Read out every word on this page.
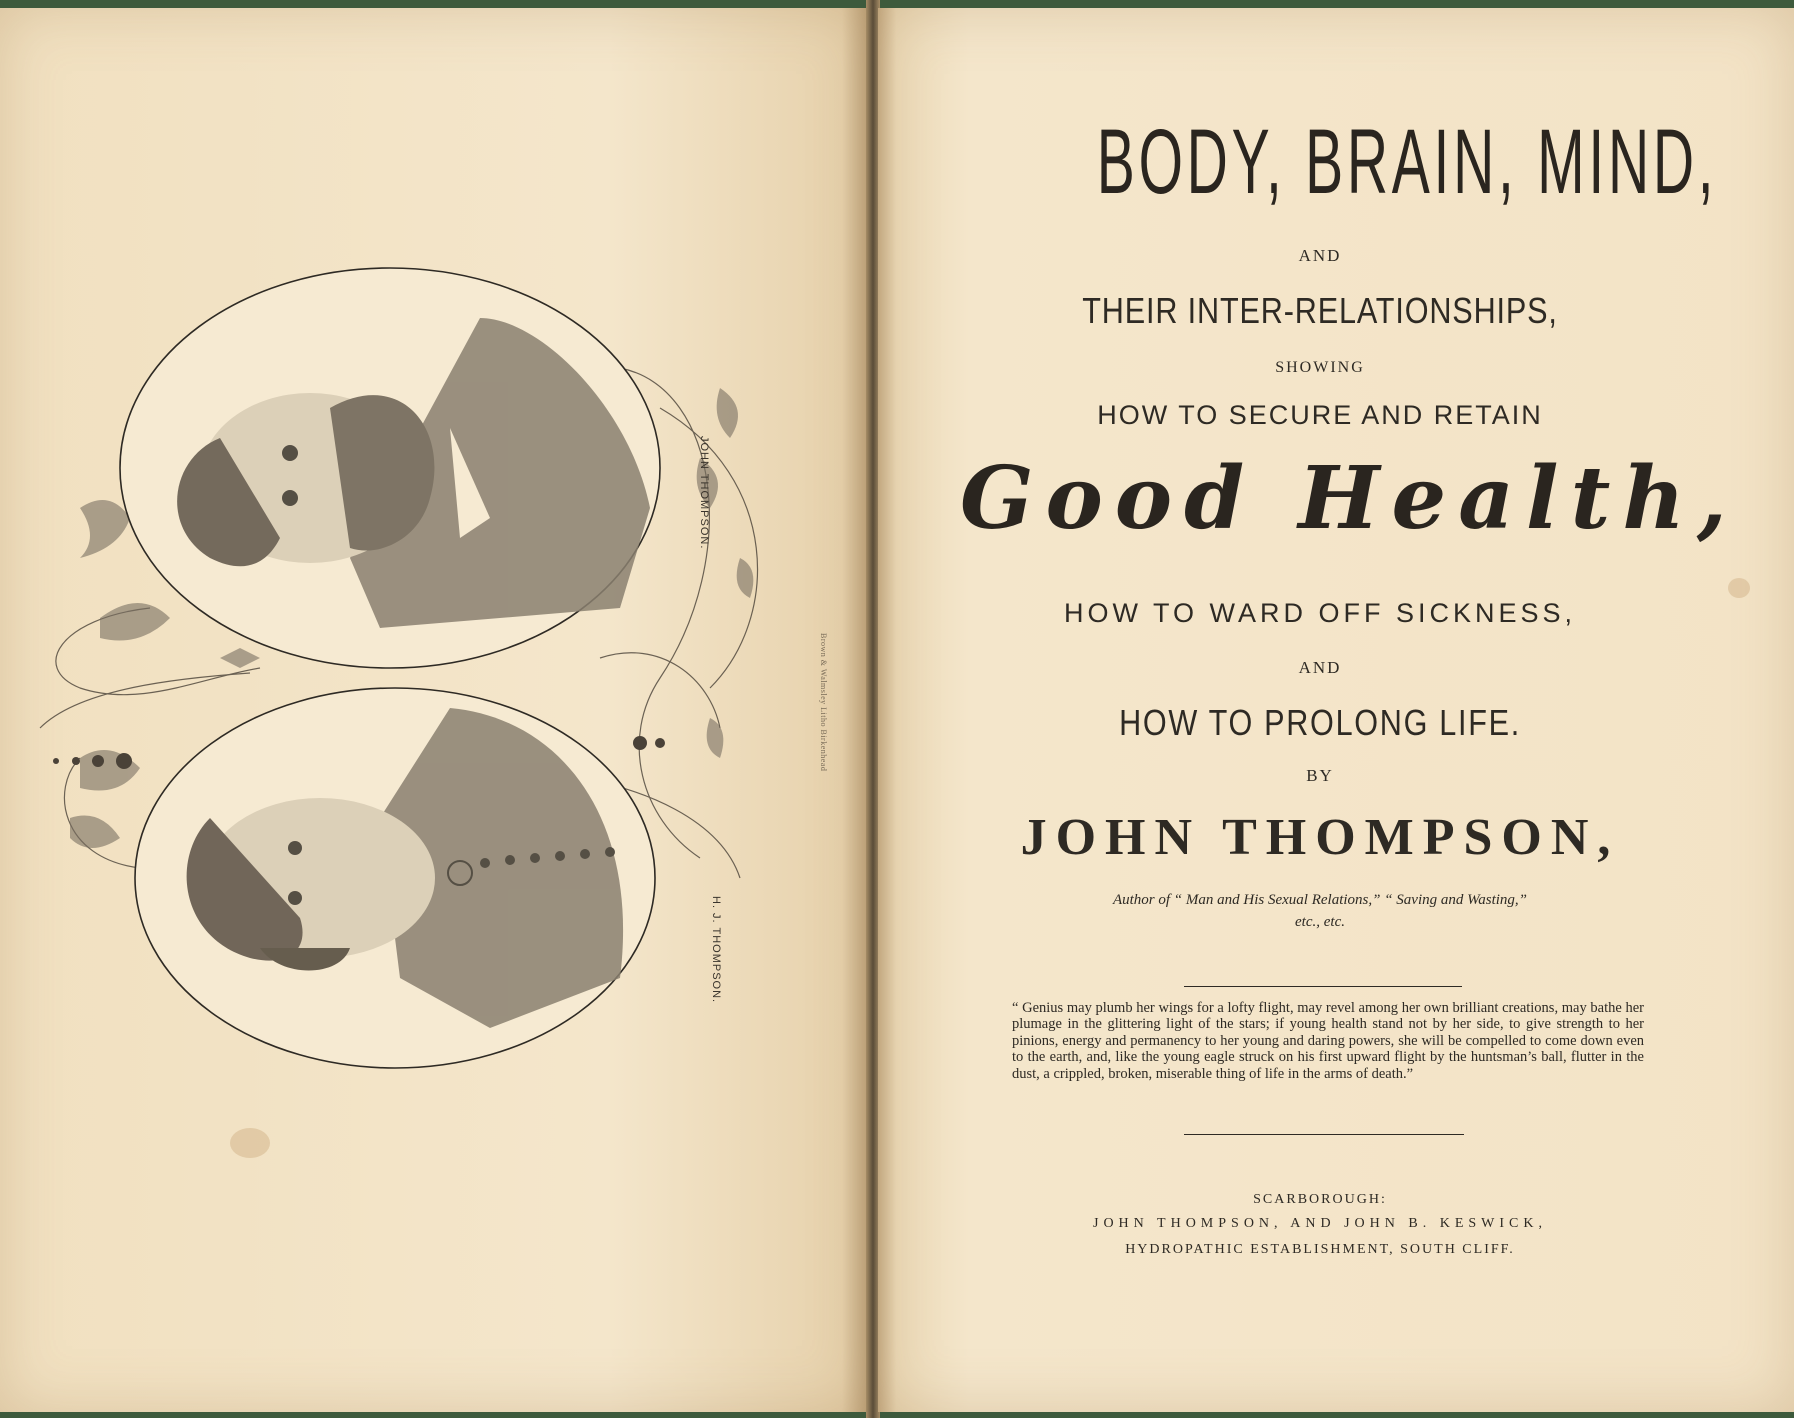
JOHN THOMPSON.
H. J. THOMPSON.
Brown & Walmsley Litho Birkenhead
BODY, BRAIN, MIND,
AND
THEIR INTER-RELATIONSHIPS,
SHOWING
HOW TO SECURE AND RETAIN
Good Health,
HOW TO WARD OFF SICKNESS,
AND
HOW TO PROLONG LIFE.
BY
JOHN THOMPSON,
Author of “ Man and His Sexual Relations,” “ Saving and Wasting,”
etc., etc.
“ Genius may plumb her wings for a lofty flight, may revel among her own brilliant creations, may bathe her plumage in the glittering light of the stars; if young health stand not by her side, to give strength to her pinions, energy and permanency to her young and daring powers, she will be compelled to come down even to the earth, and, like the young eagle struck on his first upward flight by the huntsman’s ball, flutter in the dust, a crippled, broken, miserable thing of life in the arms of death.”
SCARBOROUGH:
JOHN THOMPSON, AND JOHN B. KESWICK,
HYDROPATHIC ESTABLISHMENT, SOUTH CLIFF.
